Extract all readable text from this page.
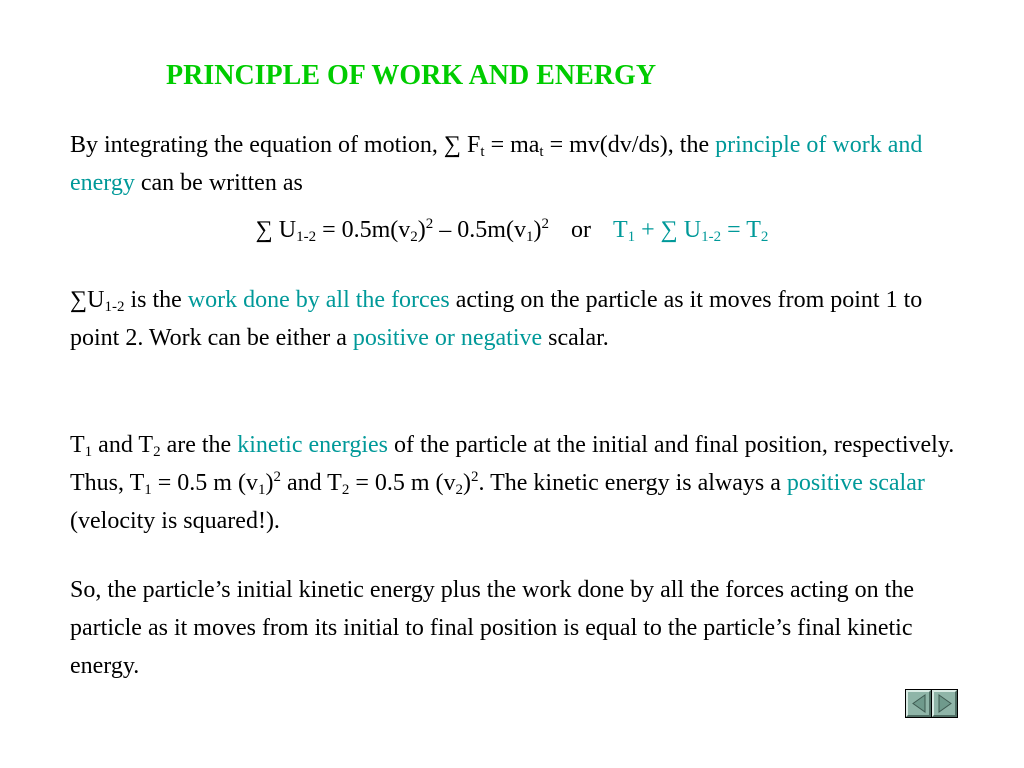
PRINCIPLE OF WORK AND ENERGY

By integrating the equation of motion, ∑ $F_t = ma_t = mv(dv/ds)$, the principle of work and energy can be written as

∑ $U_{1-2} = 0.5m(v_2)^2 - 0.5m(v_1)^2$ or $T_1$ + ∑ $U_{1-2} = T_2$

$\sum U_{1-2}$ is the work done by all the forces acting on the particle as it moves from point 1 to point 2. Work can be either a positive or negative scalar.

$T_1$ and $T_2$ are the kinetic energies of the particle at the initial and final position, respectively. Thus, $T_1 = 0.5$ m $(v_1)^2$ and $T_2 = 0.5$ m $(v_2)^2$. The kinetic energy is always a positive scalar (velocity is squared!).

So, the particle’s initial kinetic energy plus the work done by all the forces acting on the particle as it moves from its initial to final position is equal to the particle’s final kinetic energy.
